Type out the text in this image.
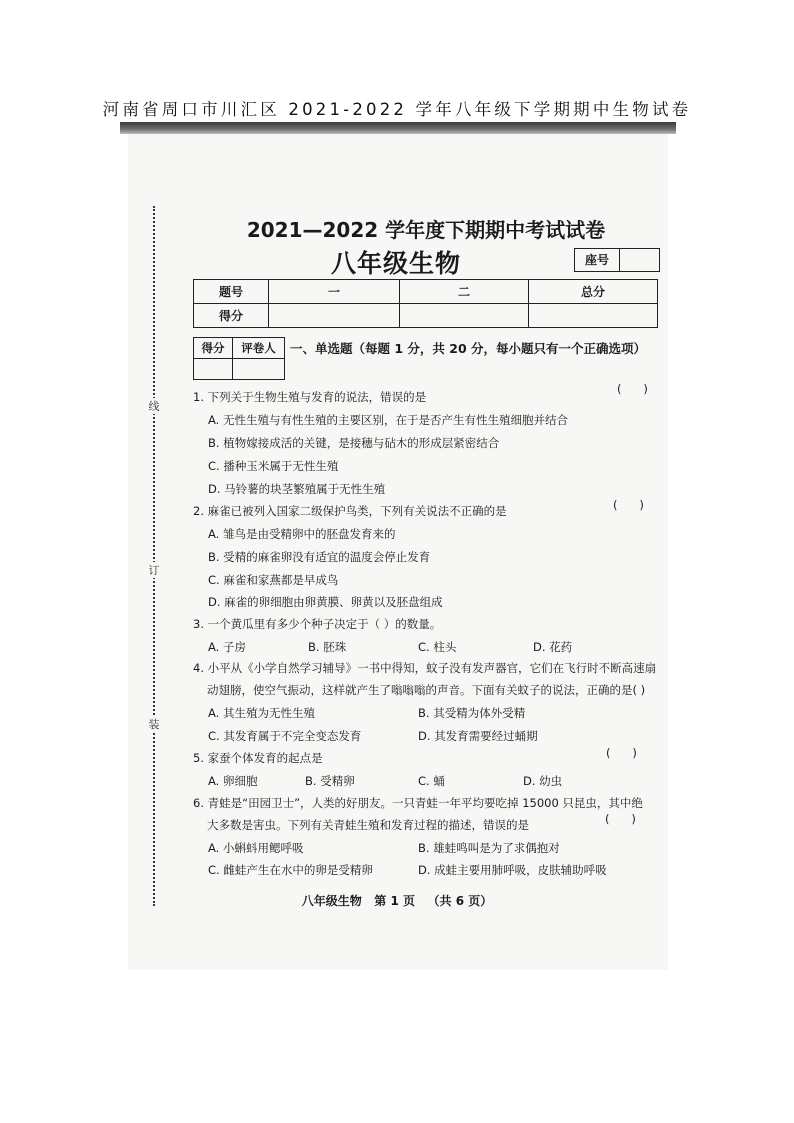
河南省周口市川汇区 2021-2022 学年八年级下学期期中生物试卷
线
订
装
2021—2022 学年度下期期中考试试卷
八年级生物	座号
题号	一	二	总分
得分			
得分	评卷人
	一、单选题（每题 1 分，共 20 分，每小题只有一个正确选项）
1. 下列关于生物生殖与发育的说法，错误的是
(      )
A. 无性生殖与有性生殖的主要区别，在于是否产生有性生殖细胞并结合
B. 植物嫁接成活的关键，是接穗与砧木的形成层紧密结合
C. 播种玉米属于无性生殖
D. 马铃薯的块茎繁殖属于无性生殖
2. 麻雀已被列入国家二级保护鸟类，下列有关说法不正确的是	(      )
A. 雏鸟是由受精卵中的胚盘发育来的
B. 受精的麻雀卵没有适宜的温度会停止发育
C. 麻雀和家燕都是早成鸟
D. 麻雀的卵细胞由卵黄膜、卵黄以及胚盘组成
3. 一个黄瓜里有多少个种子决定于（ ）的数量。
A. 子房	B. 胚珠	C. 柱头	D. 花药
4. 小平从《小学自然学习辅导》一书中得知，蚊子没有发声器官，它们在飞行时不断高速扇
动翅膀，使空气振动，这样就产生了嗡嗡嗡的声音。下面有关蚊子的说法，正确的是( )
A. 其生殖为无性生殖	B. 其受精为体外受精
C. 其发育属于不完全变态发育	D. 其发育需要经过蛹期
5. 家蚕个体发育的起点是	(      )
A. 卵细胞	B. 受精卵	C. 蛹	D. 幼虫
6. 青蛙是“田园卫士”，人类的好朋友。一只青蛙一年平均要吃掉 15000 只昆虫，其中绝
大多数是害虫。下列有关青蛙生殖和发育过程的描述，错误的是	(      )
A. 小蝌蚪用鳃呼吸	B. 雄蛙鸣叫是为了求偶抱对
C. 雌蛙产生在水中的卵是受精卵	D. 成蛙主要用肺呼吸，皮肤辅助呼吸
八年级生物   第 1 页   （共 6 页）
